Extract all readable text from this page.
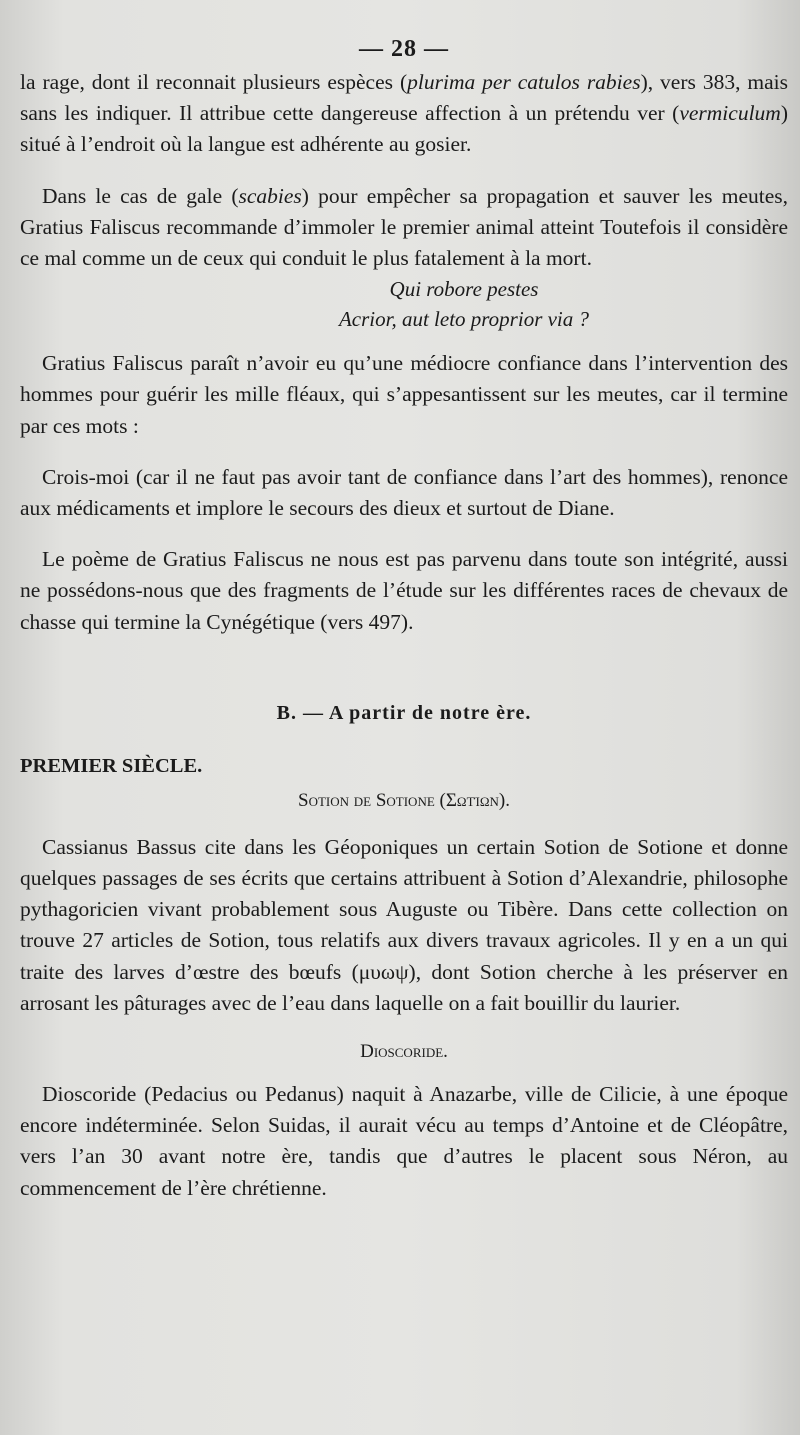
— 28 —

la rage, dont il reconnait plusieurs espèces (plurima per catulos rabies), vers 383, mais sans les indiquer. Il attribue cette dangereuse affection à un prétendu ver (vermiculum) situé à l’endroit où la langue est adhérente au gosier.

Dans le cas de gale (scabies) pour empêcher sa propagation et sauver les meutes, Gratius Faliscus recommande d’immoler le premier animal atteint Toutefois il considère ce mal comme un de ceux qui conduit le plus fatalement à la mort.

Qui robore pestes
Acrior, aut leto proprior via ?

Gratius Faliscus paraît n’avoir eu qu’une médiocre confiance dans l’intervention des hommes pour guérir les mille fléaux, qui s’appesantissent sur les meutes, car il termine par ces mots :

Crois-moi (car il ne faut pas avoir tant de confiance dans l’art des hommes), renonce aux médicaments et implore le secours des dieux et surtout de Diane.

Le poème de Gratius Faliscus ne nous est pas parvenu dans toute son intégrité, aussi ne possédons-nous que des fragments de l’étude sur les différentes races de chevaux de chasse qui termine la Cynégétique (vers 497).

B. — A partir de notre ère.
PREMIER SIÈCLE.
Sotion de Sotione (Σωτίων).

Cassianus Bassus cite dans les Géoponiques un certain Sotion de Sotione et donne quelques passages de ses écrits que certains attribuent à Sotion d’Alexandrie, philosophe pythagoricien vivant probablement sous Auguste ou Tibère. Dans cette collection on trouve 27 articles de Sotion, tous relatifs aux divers travaux agricoles. Il y en a un qui traite des larves d’œstre des bœufs (μυωψ), dont Sotion cherche à les préserver en arrosant les pâturages avec de l’eau dans laquelle on a fait bouillir du laurier.

Dioscoride.

Dioscoride (Pedacius ou Pedanus) naquit à Anazarbe, ville de Cilicie, à une époque encore indéterminée. Selon Suidas, il aurait vécu au temps d’Antoine et de Cléopâtre, vers l’an 30 avant notre ère, tandis que d’autres le placent sous Néron, au commencement de l’ère chrétienne.
